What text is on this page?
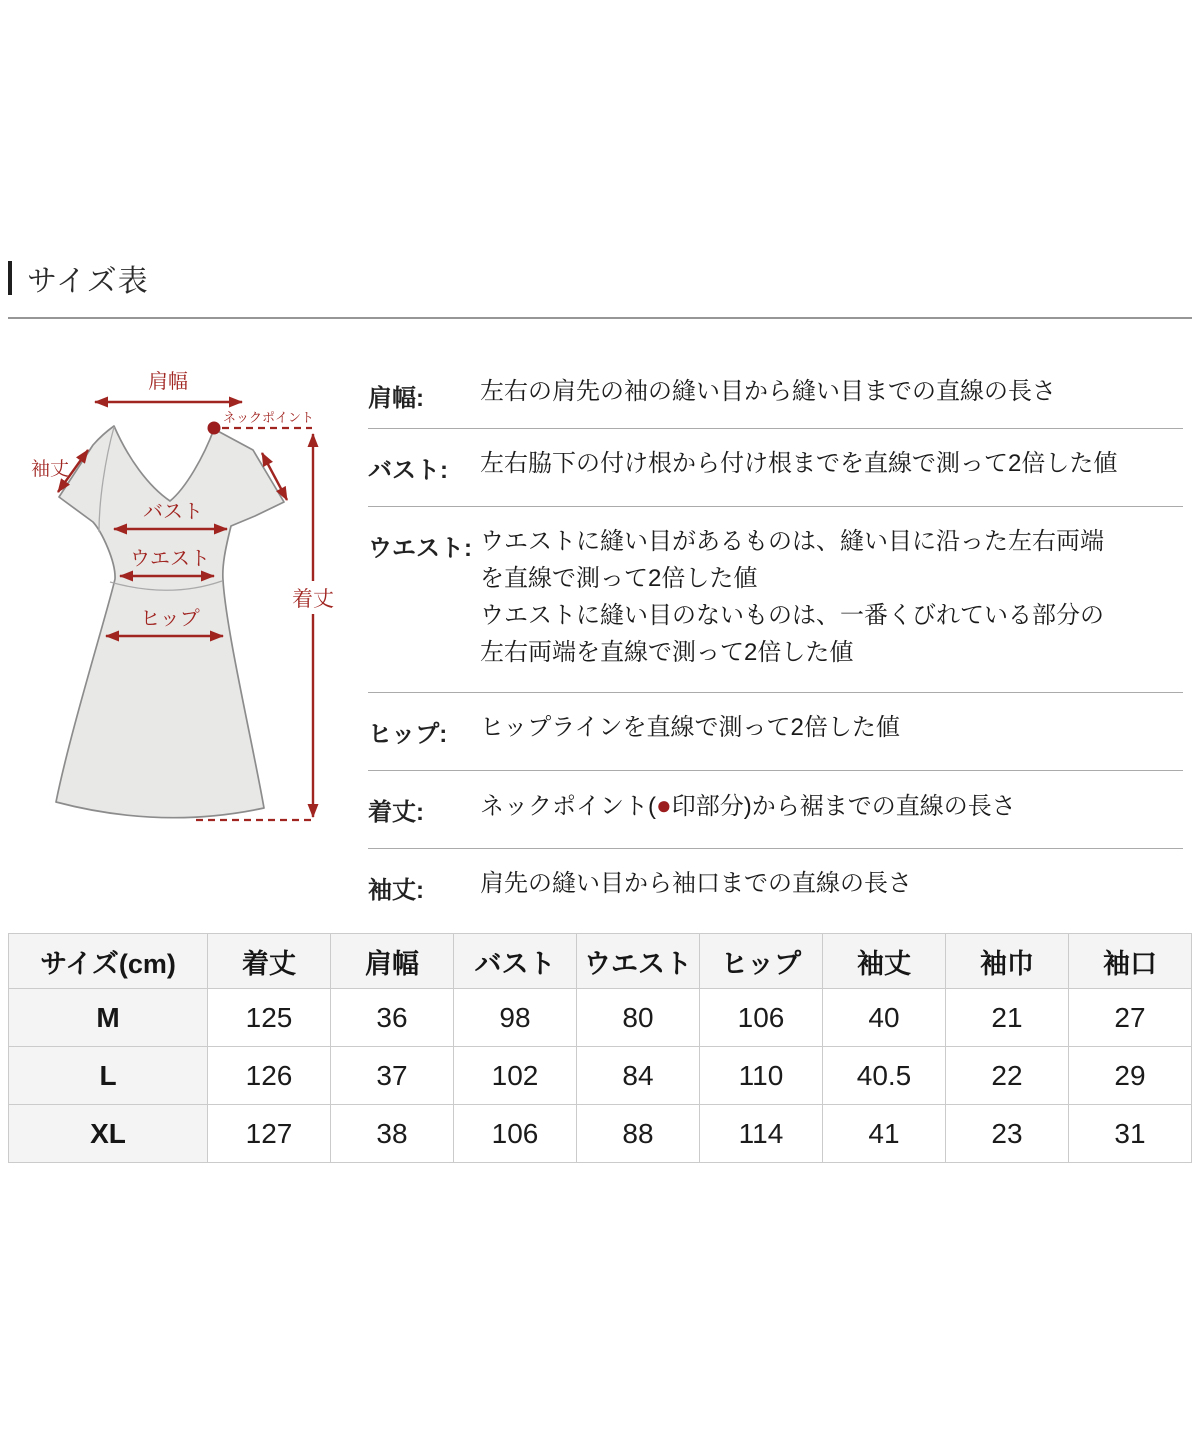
サイズ表
肩幅
ネックポイント
袖丈
バスト
ウエスト
ヒップ
着丈
肩幅:	左右の肩先の袖の縫い目から縫い目までの直線の長さ
バスト:	左右脇下の付け根から付け根までを直線で測って2倍した値
ウエスト: ウエストに縫い目があるものは、縫い目に沿った左右両端
を直線で測って2倍した値
ウエストに縫い目のないものは、一番くびれている部分の
左右両端を直線で測って2倍した値
ヒップ:	ヒップラインを直線で測って2倍した値
着丈:	ネックポイント(●印部分)から裾までの直線の長さ
袖丈:	肩先の縫い目から袖口までの直線の長さ
サイズ(cm)	着丈	肩幅	バスト	ウエスト	ヒップ	袖丈	袖巾	袖口
M	125	36	98	80	106	40	21	27
L	126	37	102	84	110	40.5	22	29
XL	127	38	106	88	114	41	23	31
